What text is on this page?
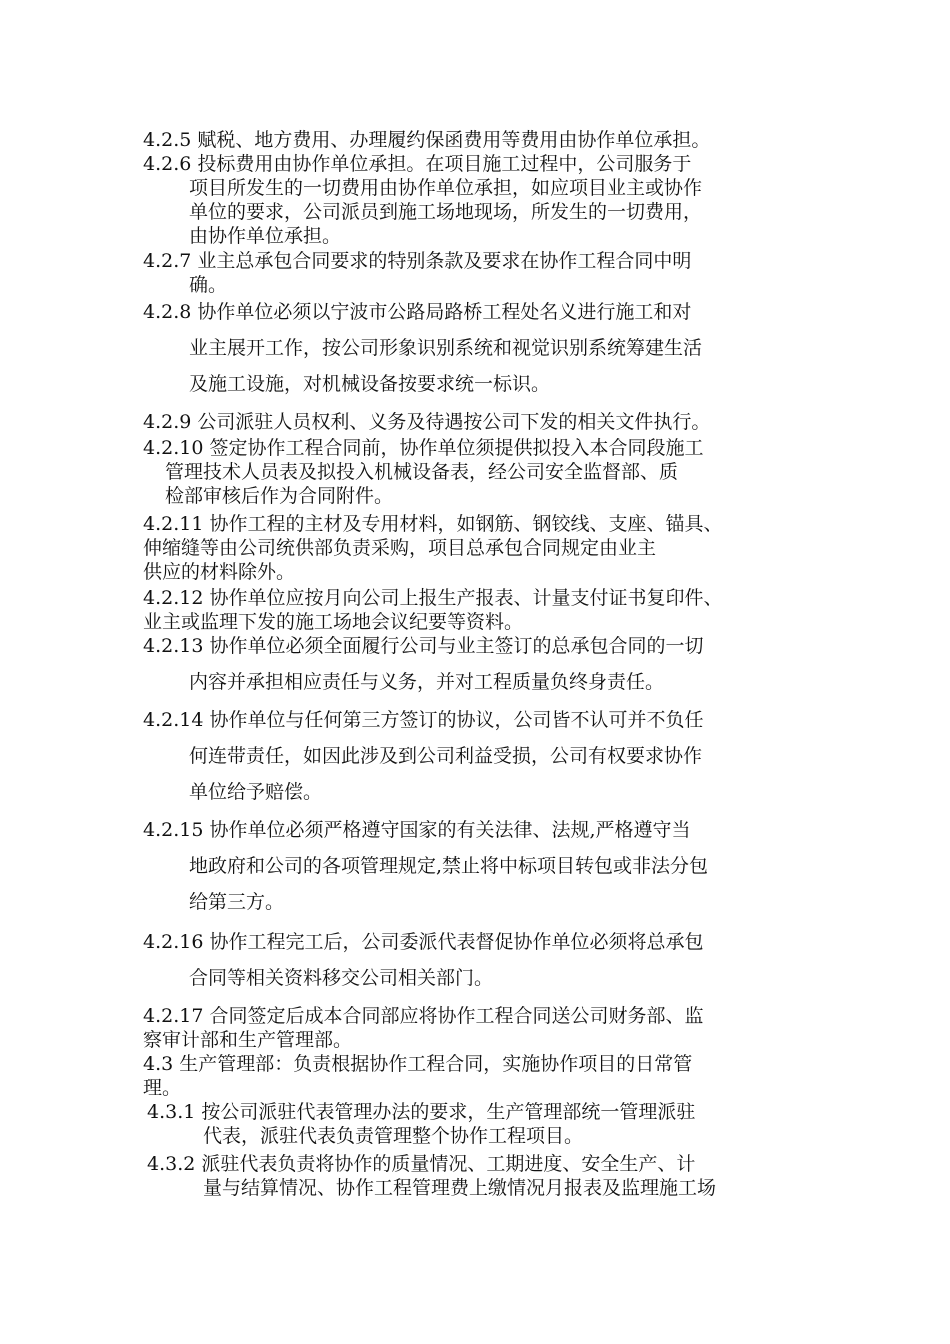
4.2.5 赋税、地方费用、办理履约保函费用等费用由协作单位承担。
4.2.6 投标费用由协作单位承担。在项目施工过程中，公司服务于
项目所发生的一切费用由协作单位承担，如应项目业主或协作
单位的要求，公司派员到施工场地现场，所发生的一切费用，
由协作单位承担。
4.2.7 业主总承包合同要求的特别条款及要求在协作工程合同中明
确。
4.2.8 协作单位必须以宁波市公路局路桥工程处名义进行施工和对
业主展开工作，按公司形象识别系统和视觉识别系统筹建生活
及施工设施，对机械设备按要求统一标识。
4.2.9 公司派驻人员权利、义务及待遇按公司下发的相关文件执行。
4.2.10 签定协作工程合同前，协作单位须提供拟投入本合同段施工
管理技术人员表及拟投入机械设备表，经公司安全监督部、质
检部审核后作为合同附件。
4.2.11 协作工程的主材及专用材料，如钢筋、钢铰线、支座、锚具、
伸缩缝等由公司统供部负责采购，项目总承包合同规定由业主
供应的材料除外。
4.2.12 协作单位应按月向公司上报生产报表、计量支付证书复印件、
业主或监理下发的施工场地会议纪要等资料。
4.2.13 协作单位必须全面履行公司与业主签订的总承包合同的一切
内容并承担相应责任与义务，并对工程质量负终身责任。
4.2.14 协作单位与任何第三方签订的协议，公司皆不认可并不负任
何连带责任，如因此涉及到公司利益受损，公司有权要求协作
单位给予赔偿。
4.2.15 协作单位必须严格遵守国家的有关法律、法规,严格遵守当
地政府和公司的各项管理规定,禁止将中标项目转包或非法分包
给第三方。
4.2.16 协作工程完工后，公司委派代表督促协作单位必须将总承包
合同等相关资料移交公司相关部门。
4.2.17 合同签定后成本合同部应将协作工程合同送公司财务部、监
察审计部和生产管理部。
4.3 生产管理部：负责根据协作工程合同，实施协作项目的日常管
理。
4.3.1 按公司派驻代表管理办法的要求，生产管理部统一管理派驻
代表，派驻代表负责管理整个协作工程项目。
4.3.2 派驻代表负责将协作的质量情况、工期进度、安全生产、计
量与结算情况、协作工程管理费上缴情况月报表及监理施工场
